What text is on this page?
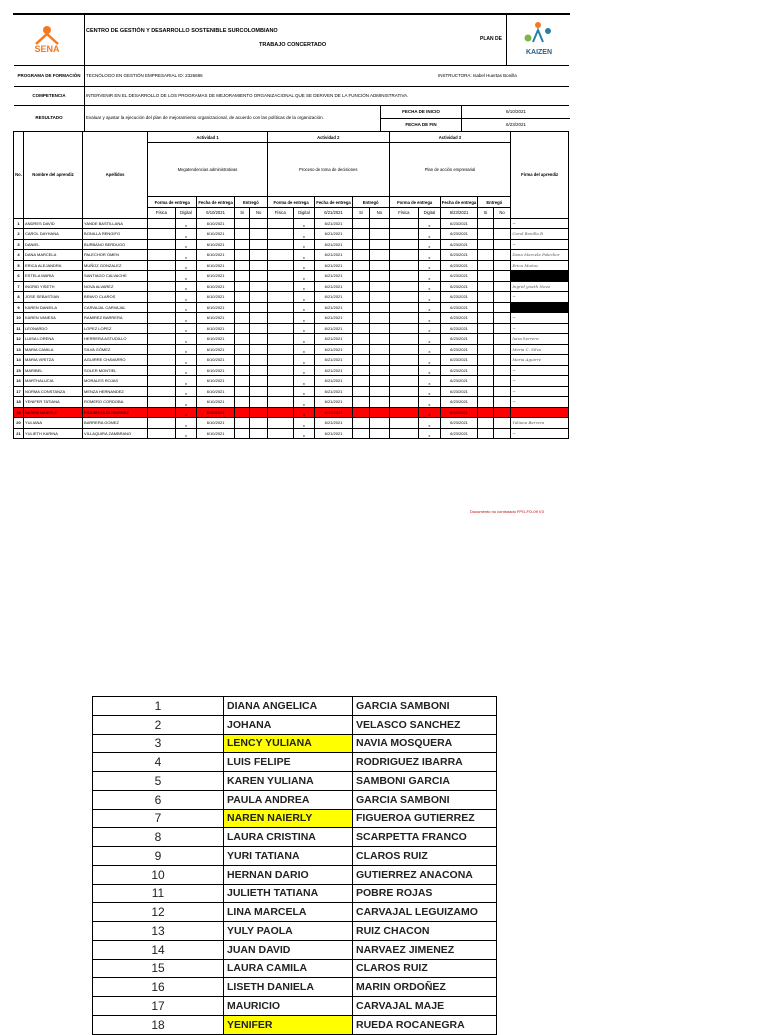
SENA
CENTRO DE GESTIÓN Y DESARROLLO SOSTENIBLE SURCOLOMBIANO
TRABAJO CONCERTADO
PLAN DE
KAIZEN
PROGRAMA DE FORMACIÓN	TECNÓLOGO EN GESTIÓN EMPRESARIAL ID: 2326686	INSTRUCTORA: Isabel Huertas Bonilla
COMPETENCIA	INTERVENIR EN EL DESARROLLO DE LOS PROGRAMAS DE MEJORAMIENTO ORGANIZACIONAL QUE SE DERIVEN DE LA FUNCIÓN ADMINISTRATIVA.
RESULTADO	Evaluar y ajustar la ejecución del plan de mejoramiento organizacional, de acuerdo con las políticas de la organización.
FECHA DE INICIO	6/10/2021
FECHA DE FIN	6/23/2021
No.	Nombre del aprendiz	Apellidos	Actividad 1					Actividad 2					Actividad 3					Firma del aprendiz
			Megatendencias administrativas					Proceso de toma de decisiones					Plan de acción empresarial					
			Forma de entrega		Fecha de entrega	Entregó		Forma de entrega		Fecha de entrega	Entregó		Forma de entrega		Fecha de entrega	Entregó		
			Física	Digital	6/10/2021	Si	No	Física	Digital	6/21/2021	Si	No	Física	Digital	6/23/2021	Si	No	
1	ANDRES DAVID	YANDE BASTILLANA		x	6/10/2021				x	6/21/2021				x	6/23/2021			~
2	CAROL DAYHANA	BONILLA RENGIFO		x	6/10/2021				x	6/21/2021				x	6/23/2021			Carol Bonilla R
3	DANIEL	BURBANO BERDUGO		x	6/10/2021				x	6/21/2021				x	6/23/2021			~
4	DANA MARCELA	PALECHOR OMEN		x	6/10/2021				x	6/21/2021				x	6/23/2021			Dana Marcela Palechor
5	ERICA ALEJANDRA	MUÑOZ GONZALEZ		x	6/10/2021				x	6/21/2021				x	6/23/2021			Erica Muñoz
6	ESTELA MARIA	SANTIAGO CALVACHE		x	6/10/2021				x	6/21/2021				x	6/23/2021			
7	INGRID YISETH	NOVA ALVAREZ		x	6/10/2021				x	6/21/2021				x	6/23/2021			Ingrid yiseth Nova
8	JOSE SEBASTIAN	BRAVO CLAROS		x	6/10/2021				x	6/21/2021				x	6/23/2021			~
9	KAREN DANIELA	CARVAJAL CARVAJAL		x	6/10/2021				x	6/21/2021				x	6/23/2021			
10	KAREN VANESA	RAMIREZ BARRERA		x	6/10/2021				x	6/21/2021				x	6/23/2021			~
11	LEONARDO	LOPEZ LOPEZ		x	6/10/2021				x	6/21/2021				x	6/23/2021			~
12	LUISA LORENA	HERRERA ASTUDILLO		x	6/10/2021				x	6/21/2021				x	6/23/2021			luisa herrera
13	MARIA CAMILA	SILVA GÓMEZ		x	6/10/2021				x	6/21/2021				x	6/23/2021			Maria C. Silva
14	MARIA VIRITZA	AGUIRRE CHAVARRO		x	6/10/2021				x	6/21/2021				x	6/23/2021			Maria Aguirre
15	MARIBEL	SOLER MONTIEL		x	6/10/2021				x	6/21/2021				x	6/23/2021			~
16	MARTHALUCIA	MORALES ROJAS		x	6/10/2021				x	6/21/2021				x	6/23/2021			~
17	NORMA CONSTANZA	MENZA HERNANDEZ		x	6/10/2021				x	6/21/2021				x	6/23/2021			~
18	YENIFER TATIANA	ROMERO CORDOBA		x	6/10/2021				x	6/21/2021				x	6/23/2021			~
19	NAREN NAIERLY	FIGUEROA GUTIERREZ		x	6/10/2021				x	6/21/2021				x	6/23/2021			
20	YULIANA	BARRERA GOMEZ		x	6/10/2021				x	6/21/2021				x	6/23/2021			Yuliana Barrera
21	YULIETH KARINA	VILLAQUIRA ZAMBRANO		x	6/10/2021				x	6/21/2021				x	6/23/2021			~
Documento no controlado FPG-FO-09 V3
1	DIANA ANGELICA	GARCIA SAMBONI
2	JOHANA	VELASCO SANCHEZ
3	LENCY YULIANA	NAVIA MOSQUERA
4	LUIS FELIPE	RODRIGUEZ IBARRA
5	KAREN YULIANA	SAMBONI GARCIA
6	PAULA ANDREA	GARCIA SAMBONI
7	NAREN NAIERLY	FIGUEROA GUTIERREZ
8	LAURA CRISTINA	SCARPETTA FRANCO
9	YURI TATIANA	CLAROS RUIZ
10	HERNAN DARIO	GUTIERREZ ANACONA
11	JULIETH TATIANA	POBRE ROJAS
12	LINA MARCELA	CARVAJAL LEGUIZAMO
13	YULY PAOLA	RUIZ CHACON
14	JUAN DAVID	NARVAEZ JIMENEZ
15	LAURA CAMILA	CLAROS RUIZ
16	LISETH DANIELA	MARIN ORDOÑEZ
17	MAURICIO	CARVAJAL MAJE
18	YENIFER	RUEDA ROCANEGRA
